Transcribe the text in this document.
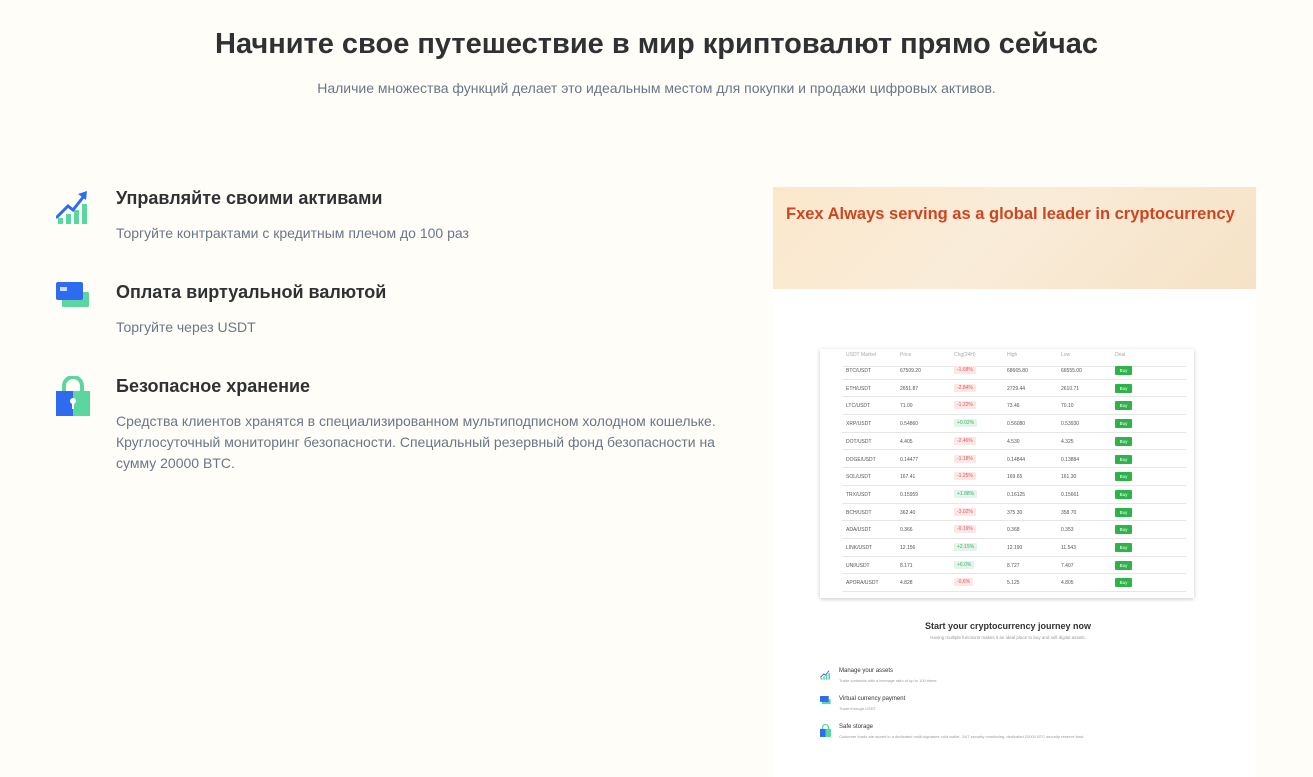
Начните свое путешествие в мир криптовалют прямо сейчас

Наличие множества функций делает это идеальным местом для покупки и продажи цифровых активов.

Управляйте своими активами

Торгуйте контрактами с кредитным плечом до 100 раз

Оплата виртуальной валютой

Торгуйте через USDT

Безопасное хранение

Средства клиентов хранятся в специализированном мультиподписном холодном кошельке. Круглосуточный мониторинг безопасности. Специальный резервный фонд безопасности на сумму 20000 BTC.

Fxex Always serving as a global leader in cryptocurrency
USDT Market	Price	Chg(24H)	High	Low	Deal
BTC/USDT	67509.20	-1.68%	68665.80	66555.00	Buy
ETH/USDT	2651.87	-2.84%	2729.44	2610.71	Buy
LTC/USDT	71.00	-1.22%	73.46	70.10	Buy
XRP/USDT	0.54860	+0.02%	0.56080	0.53930	Buy
DOT/USDT	4.405	-2.46%	4.530	4.325	Buy
DOGE/USDT	0.14477	-1.18%	0.14844	0.13884	Buy
SOL/USDT	167.41	-1.25%	169.65	161.30	Buy
TRX/USDT	0.15959	+1.88%	0.16125	0.15661	Buy
BCH/USDT	362.40	-3.02%	375.30	358.70	Buy
ADA/USDT	0.366	-0.19%	0.368	0.353	Buy
LINK/USDT	12.156	+2.15%	12.190	11.543	Buy
UNI/USDT	8.171	+6.0%	8.727	7.407	Buy
APORA/USDT	4.828	-0.6%	5.125	4.805	Buy
Start your cryptocurrency journey now
Having multiple functions makes it an ideal place to buy and sell digital assets.
Manage your assets
Trade contracts with a leverage ratio of up to 100 times
Virtual currency payment
Trade through USDT
Safe storage
Customer funds are stored in a dedicated multi-signature cold wallet. 24/7 security monitoring. dedicated 20000 BTC security reserve fund
